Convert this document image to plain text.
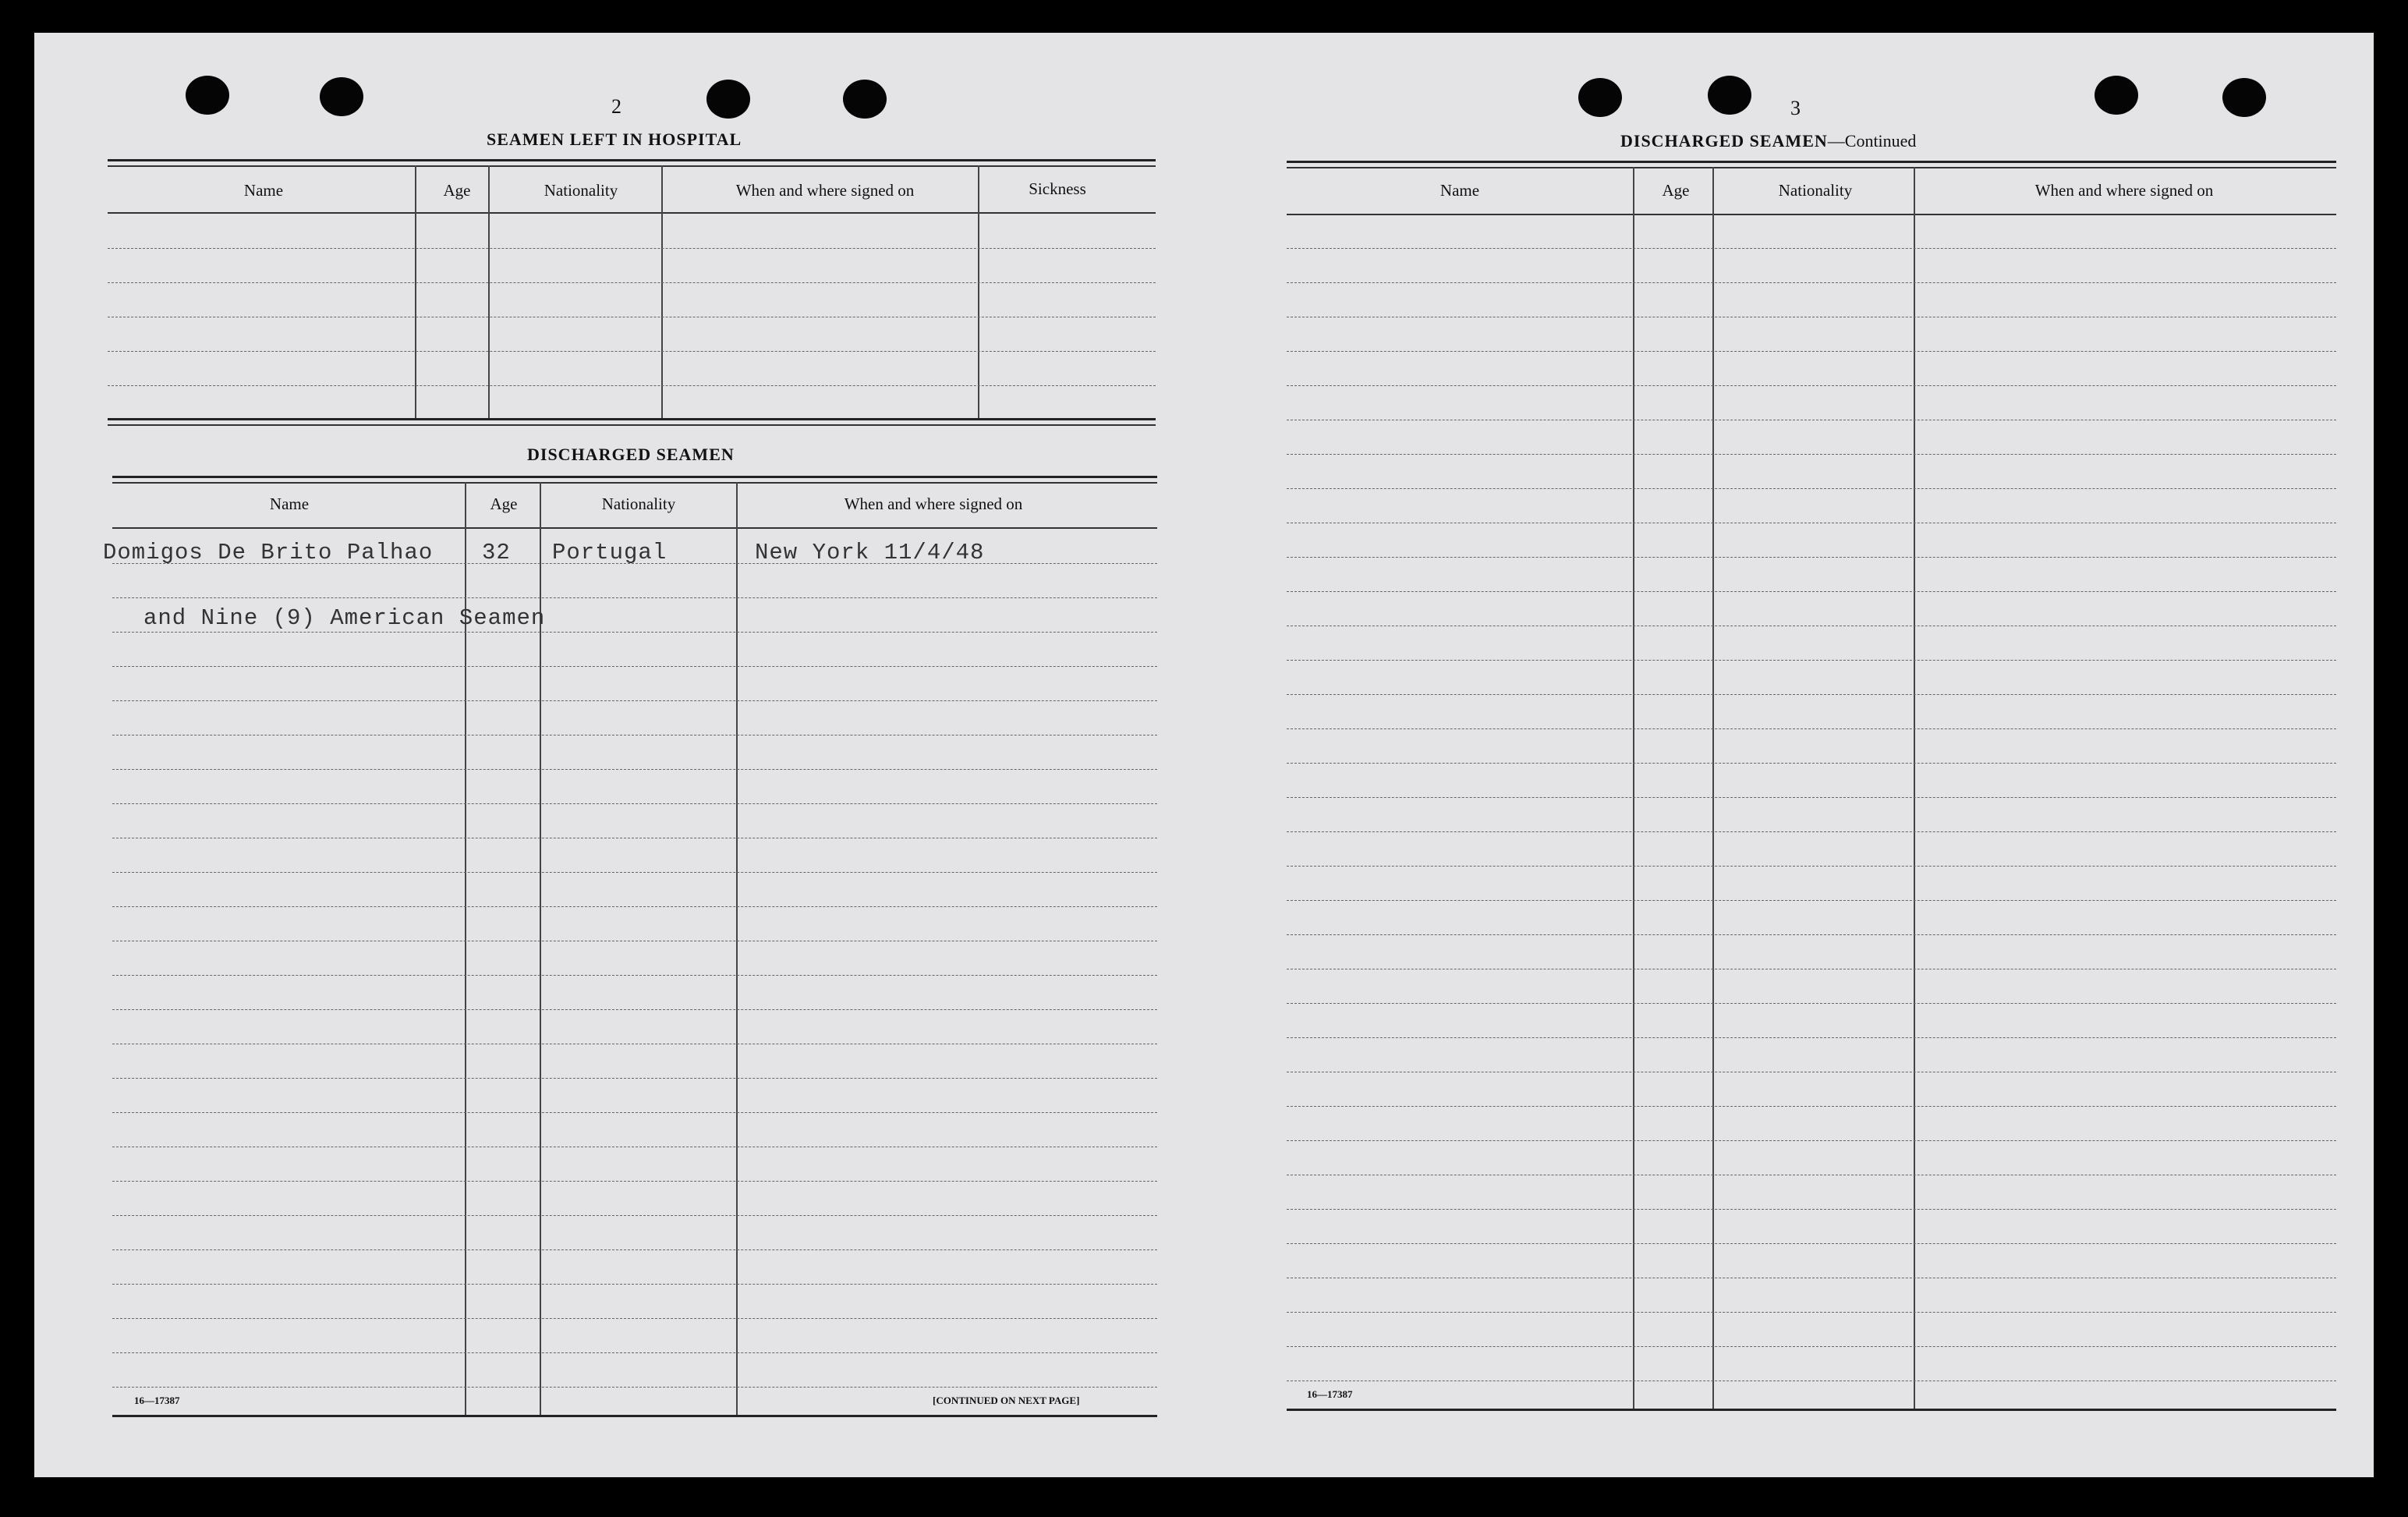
2
SEAMEN LEFT IN HOSPITAL
Name	Age	Nationality	When and where signed on	Sickness
DISCHARGED SEAMEN
Name	Age	Nationality	When and where signed on
Domigos De Brito Palhao 32 Portugal	New York 11/4/48
and Nine (9) American Seamen
16—17387	[CONTINUED ON NEXT PAGE]
3
DISCHARGED SEAMEN—Continued
Name	Age	Nationality	When and where signed on
16—17387
